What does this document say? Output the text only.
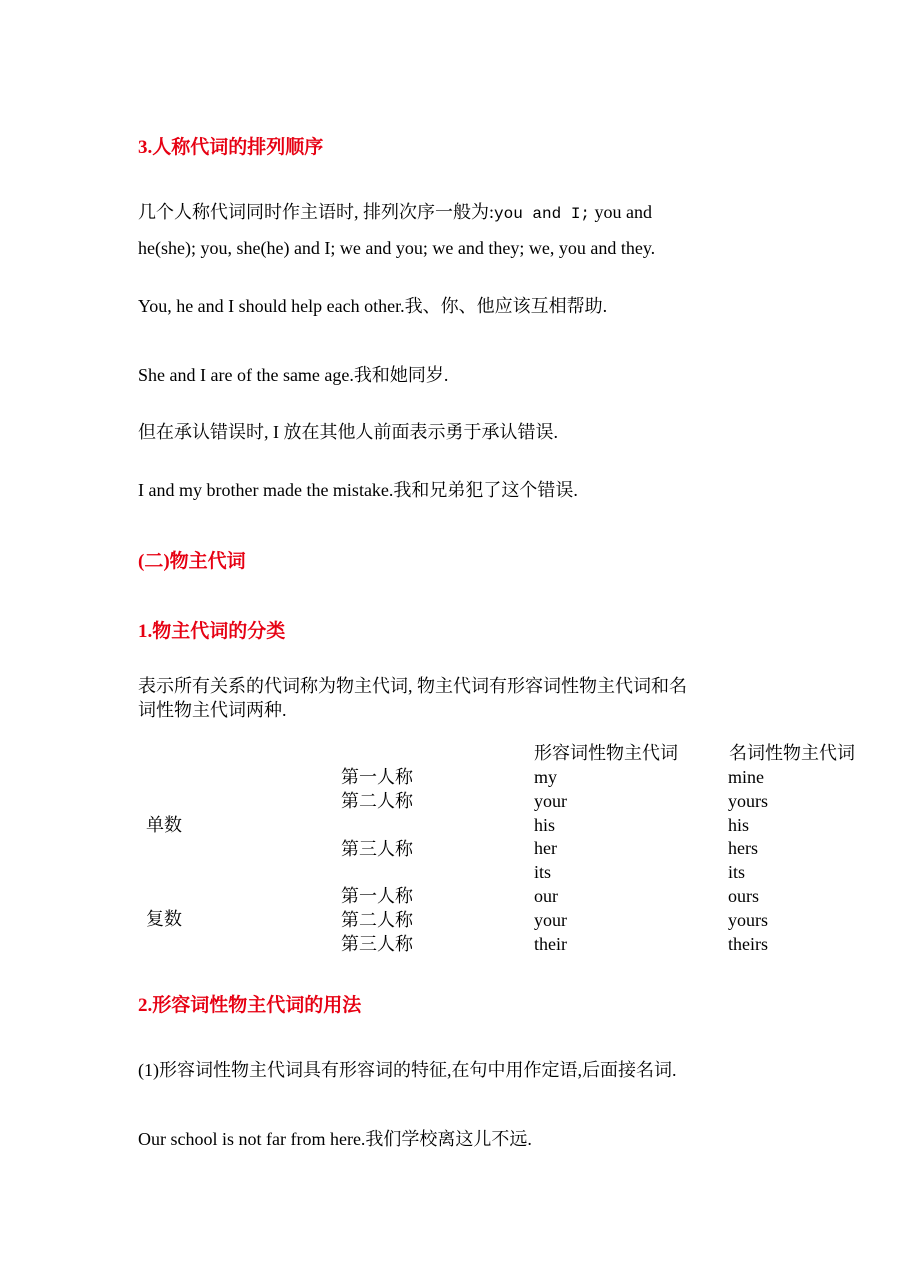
3.人称代词的排列顺序
几个人称代词同时作主语时, 排列次序一般为:you and I; you and
he(she); you, she(he) and I; we and you; we and they; we, you and they.
You, he and I should help each other.我、你、他应该互相帮助.
She and I are of the same age.我和她同岁.
但在承认错误时, I 放在其他人前面表示勇于承认错误.
I and my brother made the mistake.我和兄弟犯了这个错误.
(二)物主代词
1.物主代词的分类
表示所有关系的代词称为物主代词, 物主代词有形容词性物主代词和名
词性物主代词两种.
形容词性物主代词	名词性物主代词
单数
复数
第一人称
第二人称
第三人称
第一人称
第二人称
第三人称
my
your
his
her
its
our
your
their
mine
yours
his
hers
its
ours
yours
theirs
2.形容词性物主代词的用法
(1)形容词性物主代词具有形容词的特征,在句中用作定语,后面接名词.
Our school is not far from here.我们学校离这儿不远.
